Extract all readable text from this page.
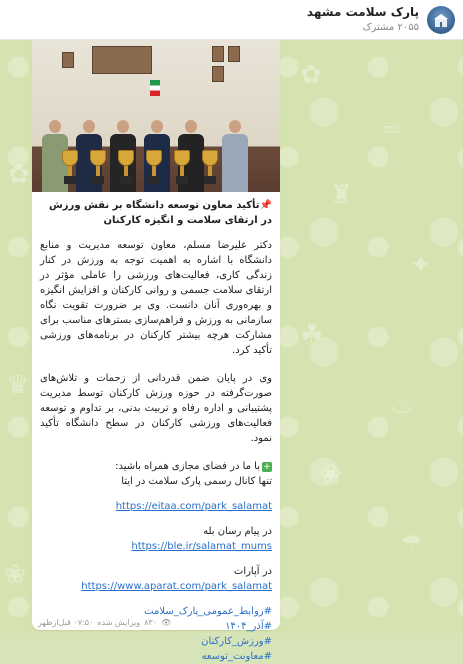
پارک سلامت مشهد
۲۰۵۵ مشترک
✿
☕
♜
✦
☘
♨
❀
☂
✿
♛
❀
📌تأکید معاون توسعه دانشگاه بر نقش ورزش در ارتقای سلامت و انگیزه کارکنان
دکتر علیرضا مسلم، معاون توسعه مدیریت و منابع دانشگاه با اشاره به اهمیت توجه به ورزش در کنار زندگی کاری، فعالیت‌های ورزشی را عاملی مؤثر در ارتقای سلامت جسمی و روانی کارکنان و افزایش انگیزه و بهره‌وری آنان دانست. وی بر ضرورت تقویت نگاه سازمانی به ورزش و فراهم‌سازی بسترهای مناسب برای مشارکت هرچه بیشتر کارکنان در برنامه‌های ورزشی تأکید کرد.
وی در پایان ضمن قدردانی از زحمات و تلاش‌های صورت‌گرفته در حوزه ورزش کارکنان توسط مدیریت پشتیبانی و اداره رفاه و تربیت بدنی، بر تداوم و توسعه فعالیت‌های ورزشی کارکنان در سطح دانشگاه تأکید نمود.
+با ما در فضای مجازی همراه باشید:
تنها کانال رسمی پارک سلامت در ایتا
https://eitaa.com/park_salamat
در پیام رسان بله
https://ble.ir/salamat_mums
در آپارات
https://www.aparat.com/park_salamat
#روابط_عمومی_پارک_سلامت
#آذر_۱۴۰۴
#ورزش_کارکنان
#معاونت_توسعه
👁
۸۳۰
ویرایش شده
۰۷:۵۰ قبل‌ازظهر
